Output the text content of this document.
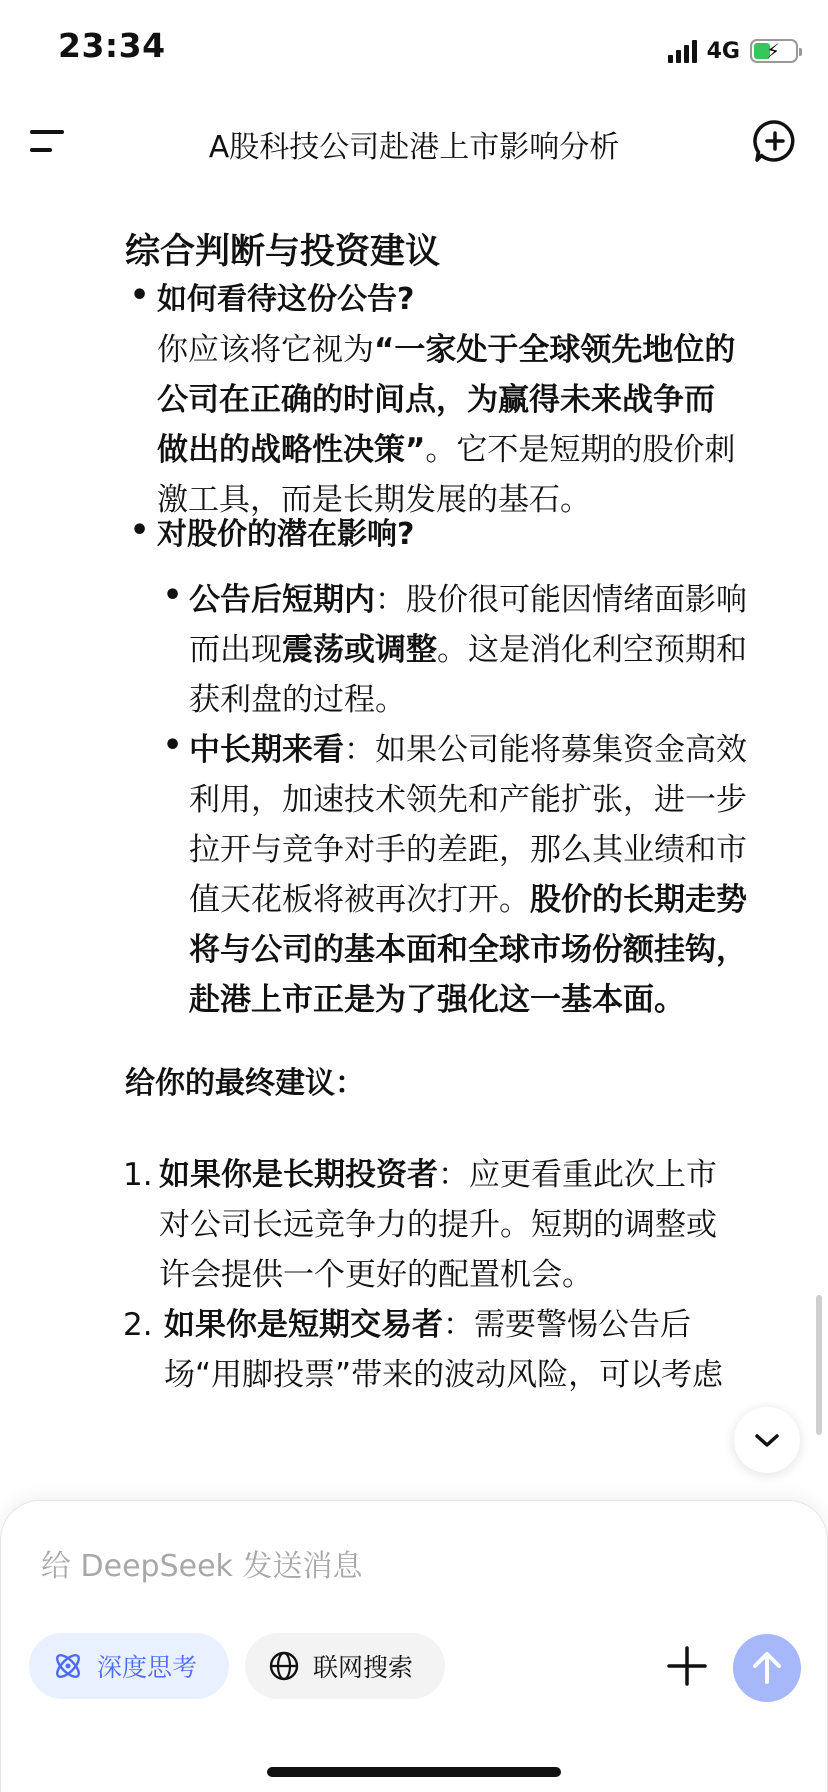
23:34	4G ⚡
A股科技公司赴港上市影响分析
综合判断与投资建议
• 如何看待这份公告?
你应该将它视为“一家处于全球领先地位的
公司在正确的时间点，为赢得未来战争而
做出的战略性决策”。它不是短期的股价刺
激工具，而是长期发展的基石。
• 对股价的潜在影响?
• 公告后短期内：股价很可能因情绪面影响
而出现震荡或调整。这是消化利空预期和
获利盘的过程。
• 中长期来看：如果公司能将募集资金高效
利用，加速技术领先和产能扩张，进一步
拉开与竞争对手的差距，那么其业绩和市
值天花板将被再次打开。股价的长期走势
将与公司的基本面和全球市场份额挂钩，
赴港上市正是为了强化这一基本面。
给你的最终建议：
1. 如果你是长期投资者：应更看重此次上市
对公司长远竞争力的提升。短期的调整或
许会提供一个更好的配置机会。
2. 如果你是短期交易者：需要警惕公告后
场“用脚投票”带来的波动风险，可以考虑
给 DeepSeek 发送消息
深度思考	联网搜索
